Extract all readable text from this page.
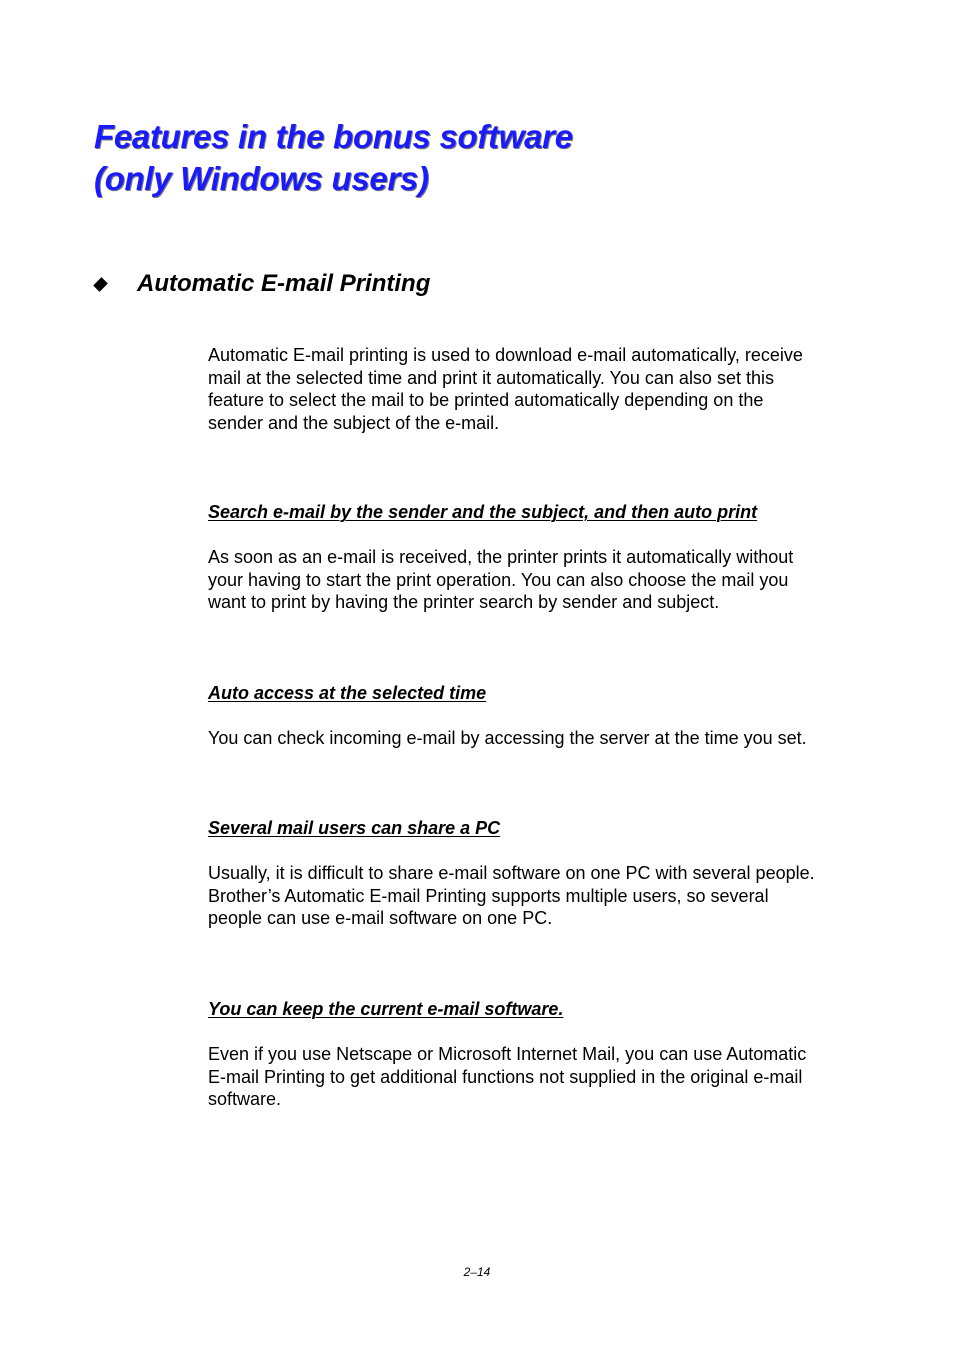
Features in the bonus software
(only Windows users)
Automatic E-mail Printing

Automatic E-mail printing is used to download e-mail automatically, receive
mail at the selected time and print it automatically. You can also set this
feature to select the mail to be printed automatically depending on the
sender and the subject of the e-mail.

Search e-mail by the sender and the subject, and then auto print

As soon as an e-mail is received, the printer prints it automatically without
your having to start the print operation. You can also choose the mail you
want to print by having the printer search by sender and subject.

Auto access at the selected time

You can check incoming e-mail by accessing the server at the time you set.

Several mail users can share a PC

Usually, it is difficult to share e-mail software on one PC with several people.
Brother’s Automatic E-mail Printing supports multiple users, so several
people can use e-mail software on one PC.

You can keep the current e-mail software.

Even if you use Netscape or Microsoft Internet Mail, you can use Automatic
E-mail Printing to get additional functions not supplied in the original e-mail
software.

2–14
